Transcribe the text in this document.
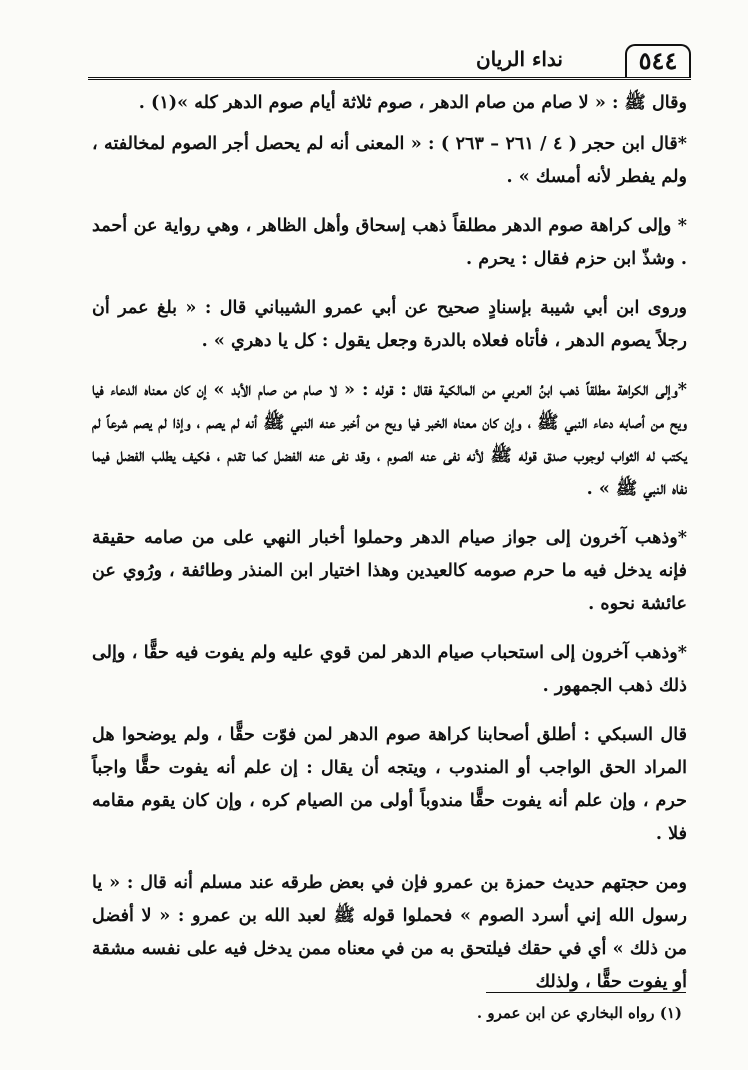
٥٤٤
نداء الريان

وقال ﷺ : « لا صام من صام الدهر ، صوم ثلاثة أيام صوم الدهر كله »(١) .

*قال ابن حجر ( ٤ / ٢٦١ – ٢٦٣ ) : « المعنى أنه لم يحصل أجر الصوم لمخالفته ، ولم يفطر لأنه أمسك » .

* وإلى كراهة صوم الدهر مطلقاً ذهب إسحاق وأهل الظاهر ، وهي رواية عن أحمد . وشذّ ابن حزم فقال : يحرم .

وروى ابن أبي شيبة بإسنادٍ صحيح عن أبي عمرو الشيباني قال : « بلغ عمر أن رجلاً يصوم الدهر ، فأتاه فعلاه بالدرة وجعل يقول : كل يا دهري » .

*وإلى الكراهة مطلقاً ذهب ابنُ العربي من المالكية فقال : قوله : « لا صام من صام الأبد » إن كان معناه الدعاء فيا ويح من أصابه دعاء النبي ﷺ ، وإن كان معناه الخبر فيا ويح من أخبر عنه النبي ﷺ أنه لم يصم ، وإذا لم يصم شرعاً لم يكتب له الثواب لوجوب صدق قوله ﷺ لأنه نفى عنه الصوم ، وقد نفى عنه الفضل كما تقدم ، فكيف يطلب الفضل فيما نفاه النبي ﷺ » .

*وذهب آخرون إلى جواز صيام الدهر وحملوا أخبار النهي على من صامه حقيقة فإنه يدخل فيه ما حرم صومه كالعيدين وهذا اختيار ابن المنذر وطائفة ، ورُوي عن عائشة نحوه .

*وذهب آخرون إلى استحباب صيام الدهر لمن قوي عليه ولم يفوت فيه حقًّا ، وإلى ذلك ذهب الجمهور .

قال السبكي : أطلق أصحابنا كراهة صوم الدهر لمن فوّت حقًّا ، ولم يوضحوا هل المراد الحق الواجب أو المندوب ، ويتجه أن يقال : إن علم أنه يفوت حقًّا واجباً حرم ، وإن علم أنه يفوت حقًّا مندوباً أولى من الصيام كره ، وإن كان يقوم مقامه فلا .

ومن حجتهم حديث حمزة بن عمرو فإن في بعض طرقه عند مسلم أنه قال : « يا رسول الله إني أسرد الصوم » فحملوا قوله ﷺ لعبد الله بن عمرو : « لا أفضل من ذلك » أي في حقك فيلتحق به من في معناه ممن يدخل فيه على نفسه مشقة أو يفوت حقًّا ، ولذلك

(١) رواه البخاري عن ابن عمرو .
